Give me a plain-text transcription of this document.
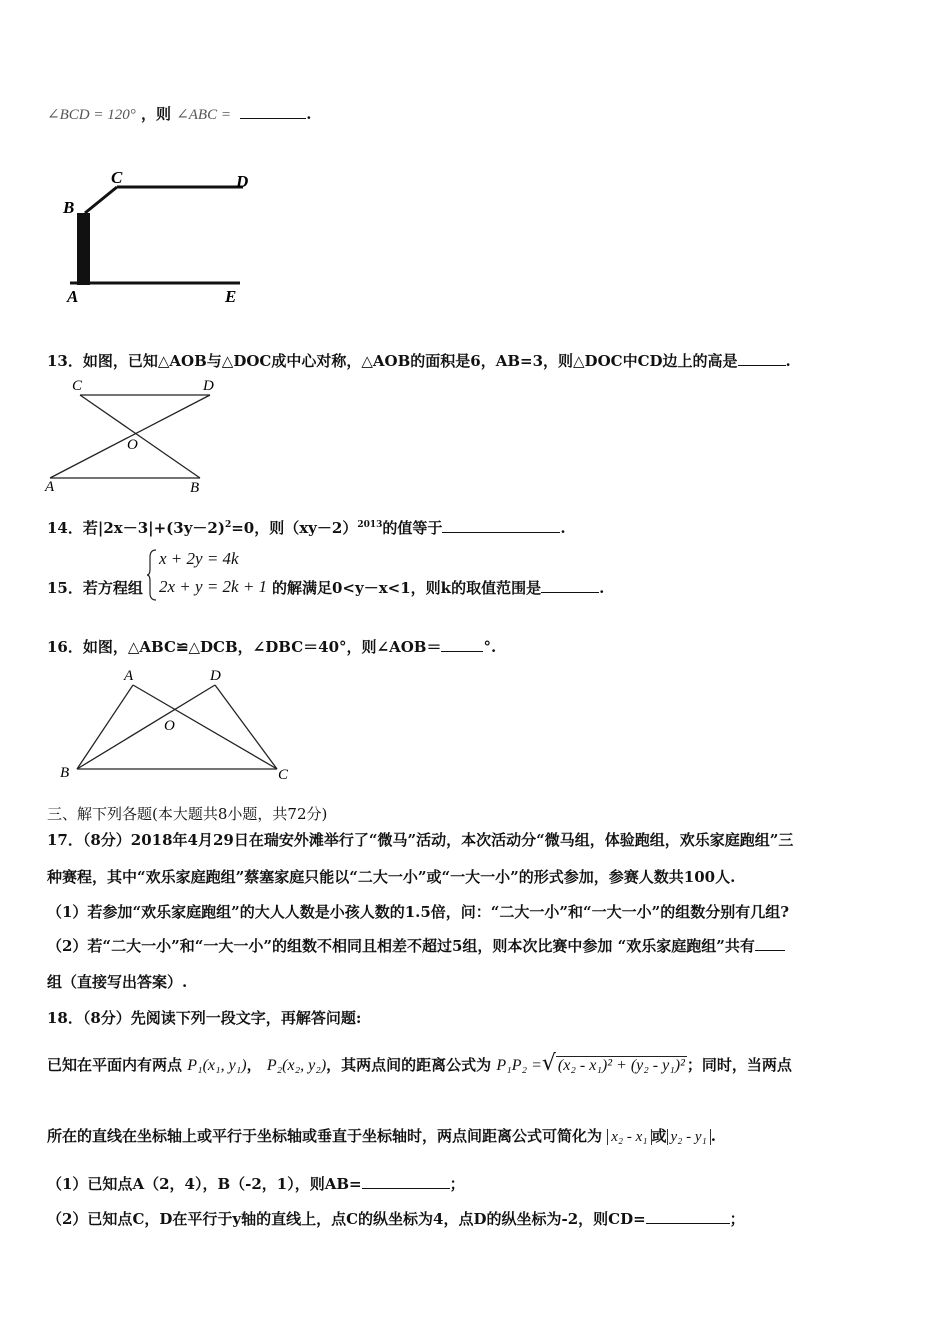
∠BCD = 120° ，则 ∠ABC =	.
B
C	D
A	E
13．如图，已知△AOB与△DOC成中心对称，△AOB的面积是6，AB=3，则△DOC中CD边上的高是	.
C	D
O
A	B
14．若$|2x-3|+(3y-2)^2=0$，则$(xy-2)^{2013}$的值等于	.
15．若方程组
x + 2y = 4k
2x + y = 2k + 1 的解满足0<y－x<1，则k的取值范围是	.
16．如图，△ABC≌△DCB，∠DBC＝40°，则∠AOB＝	°.
A	D
O
B	C
三、解下列各题(本大题共8小题，共72分)
17．（8分）2018年4月29日在瑞安外滩举行了“微马”活动，本次活动分“微马组，体验跑组，欢乐家庭跑组”三
种赛程，其中“欢乐家庭跑组”蔡塞家庭只能以“二大一小”或“一大一小”的形式参加，参赛人数共100人.
（1）若参加“欢乐家庭跑组”的大人人数是小孩人数的1.5倍，问：“二大一小”和“一大一小”的组数分别有几组?
（2）若“二大一小”和“一大一小”的组数不相同且相差不超过5组，则本次比赛中参加 “欢乐家庭跑组”共有
组（直接写出答案）.
18．（8分）先阅读下列一段文字，再解答问题:
已知在平面内有两点 P₁(x₁, y₁)， P₂(x₂, y₂)，其两点间的距离公式为 P₁P₂ =√ (x₂ - x₁)² + (y₂ - y₁)² ；同时，当两点
所在的直线在坐标轴上或平行于坐标轴或垂直于坐标轴时，两点间距离公式可简化为 x₂ - x₁ 或 y₂ - y₁ .
（1）已知点A（2，4），B（-2，1），则AB=	；
（2）已知点C，D在平行于y轴的直线上，点C的纵坐标为4，点D的纵坐标为-2，则CD=	；
